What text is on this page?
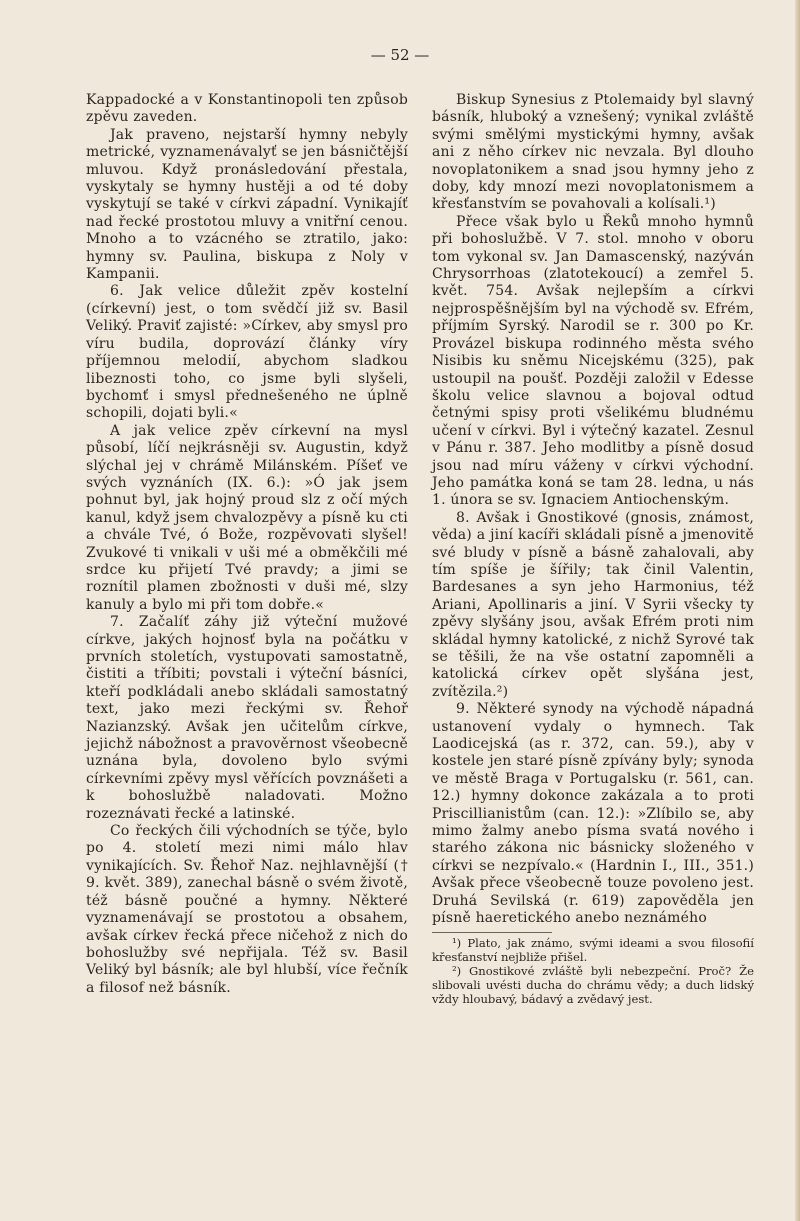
— 52 —

Kappadocké a v Konstantinopoli ten způsob zpěvu zaveden.

Jak praveno, nejstarší hymny nebyly metrické, vyznamenávalyť se jen básničtější mluvou. Když pronásledování přestala, vyskytaly se hymny hustěji a od té doby vyskytují se také v církvi západní. Vynikajíť nad řecké prostotou mluvy a vnitřní cenou. Mnoho a to vzácného se ztratilo, jako: hymny sv. Paulina, biskupa z Noly v Kampanii.

6. Jak velice důležit zpěv kostelní (církevní) jest, o tom svědčí již sv. Basil Veliký. Praviť zajisté: »Církev, aby smysl pro víru budila, doprovází články víry příjemnou melodií, abychom sladkou libeznosti toho, co jsme byli slyšeli, bychomť i smysl přednešeného ne úplně schopili, dojati byli.«

A jak velice zpěv církevní na mysl působí, líčí nejkrásněji sv. Augustin, když slýchal jej v chrámě Milánském. Píšeť ve svých vyznáních (IX. 6.): »Ó jak jsem pohnut byl, jak hojný proud slz z očí mých kanul, když jsem chvalozpěvy a písně ku cti a chvále Tvé, ó Bože, rozpěvovati slyšel! Zvukové ti vnikali v uši mé a obměkčili mé srdce ku přijetí Tvé pravdy; a jimi se roznítil plamen zbožnosti v duši mé, slzy kanuly a bylo mi při tom dobře.«

7. Začalíť záhy již výteční mužové církve, jakých hojnosť byla na počátku v prvních stoletích, vystupovati samostatně, čistiti a tříbiti; povstali i výteční básníci, kteří podkládali anebo skládali samostatný text, jako mezi řeckými sv. Řehoř Nazianzský. Avšak jen učitelům církve, jejichž nábožnost a pravověrnost všeobecně uznána byla, dovoleno bylo svými církevními zpěvy mysl věřících povznášeti a k bohoslužbě naladovati. Možno rozeznávati řecké a latinské.

Co řeckých čili východních se týče, bylo po 4. století mezi nimi málo hlav vynikajících. Sv. Řehoř Naz. nejhlavnější († 9. květ. 389), zanechal básně o svém životě, též básně poučné a hymny. Některé vyznamenávají se prostotou a obsahem, avšak církev řecká přece ničehož z nich do bohoslužby své nepřijala. Též sv. Basil Veliký byl básník; ale byl hlubší, více řečník a filosof než básník.

Biskup Synesius z Ptolemaidy byl slavný básník, hluboký a vznešený; vynikal zvláště svými smělými mystickými hymny, avšak ani z něho církev nic nevzala. Byl dlouho novoplatonikem a snad jsou hymny jeho z doby, kdy mnozí mezi novoplatonismem a křesťanstvím se povahovali a kolísali.¹)

Přece však bylo u Řeků mnoho hymnů při bohoslužbě. V 7. stol. mnoho v oboru tom vykonal sv. Jan Damascenský, nazýván Chrysorrhoas (zlatotekoucí) a zemřel 5. květ. 754. Avšak nejlepším a církvi nejprospěšnějším byl na východě sv. Efrém, příjmím Syrský. Narodil se r. 300 po Kr. Provázel biskupa rodinného města svého Nisibis ku sněmu Nicejskému (325), pak ustoupil na poušť. Později založil v Edesse školu velice slavnou a bojoval odtud četnými spisy proti všelikému bludnému učení v církvi. Byl i výtečný kazatel. Zesnul v Pánu r. 387. Jeho modlitby a písně dosud jsou nad míru váženy v církvi východní. Jeho památka koná se tam 28. ledna, u nás 1. února se sv. Ignaciem Antiochenským.

8. Avšak i Gnostikové (gnosis, známost, věda) a jiní kacíři skládali písně a jmenovitě své bludy v písně a básně zahalovali, aby tím spíše je šířily; tak činil Valentin, Bardesanes a syn jeho Harmonius, též Ariani, Apollinaris a jiní. V Syrii všecky ty zpěvy slyšány jsou, avšak Efrém proti nim skládal hymny katolické, z nichž Syrové tak se těšili, že na vše ostatní zapomněli a katolická církev opět slyšána jest, zvítězila.²)

9. Některé synody na východě nápadná ustanovení vydaly o hymnech. Tak Laodicejská (as r. 372, can. 59.), aby v kostele jen staré písně zpívány byly; synoda ve městě Braga v Portugalsku (r. 561, can. 12.) hymny dokonce zakázala a to proti Priscillianistům (can. 12.): »Zlíbilo se, aby mimo žalmy anebo písma svatá nového i starého zákona nic básnicky složeného v církvi se nezpívalo.« (Hardnin I., III., 351.) Avšak přece všeobecně touze povoleno jest. Druhá Sevilská (r. 619) zapověděla jen písně haeretického anebo neznámého

¹) Plato, jak známo, svými ideami a svou filosofií křesťanství nejbliže přišel.

²) Gnostikové zvláště byli nebezpeční. Proč? Že slibovali uvésti ducha do chrámu vědy; a duch lidský vždy hloubavý, bádavý a zvědavý jest.
